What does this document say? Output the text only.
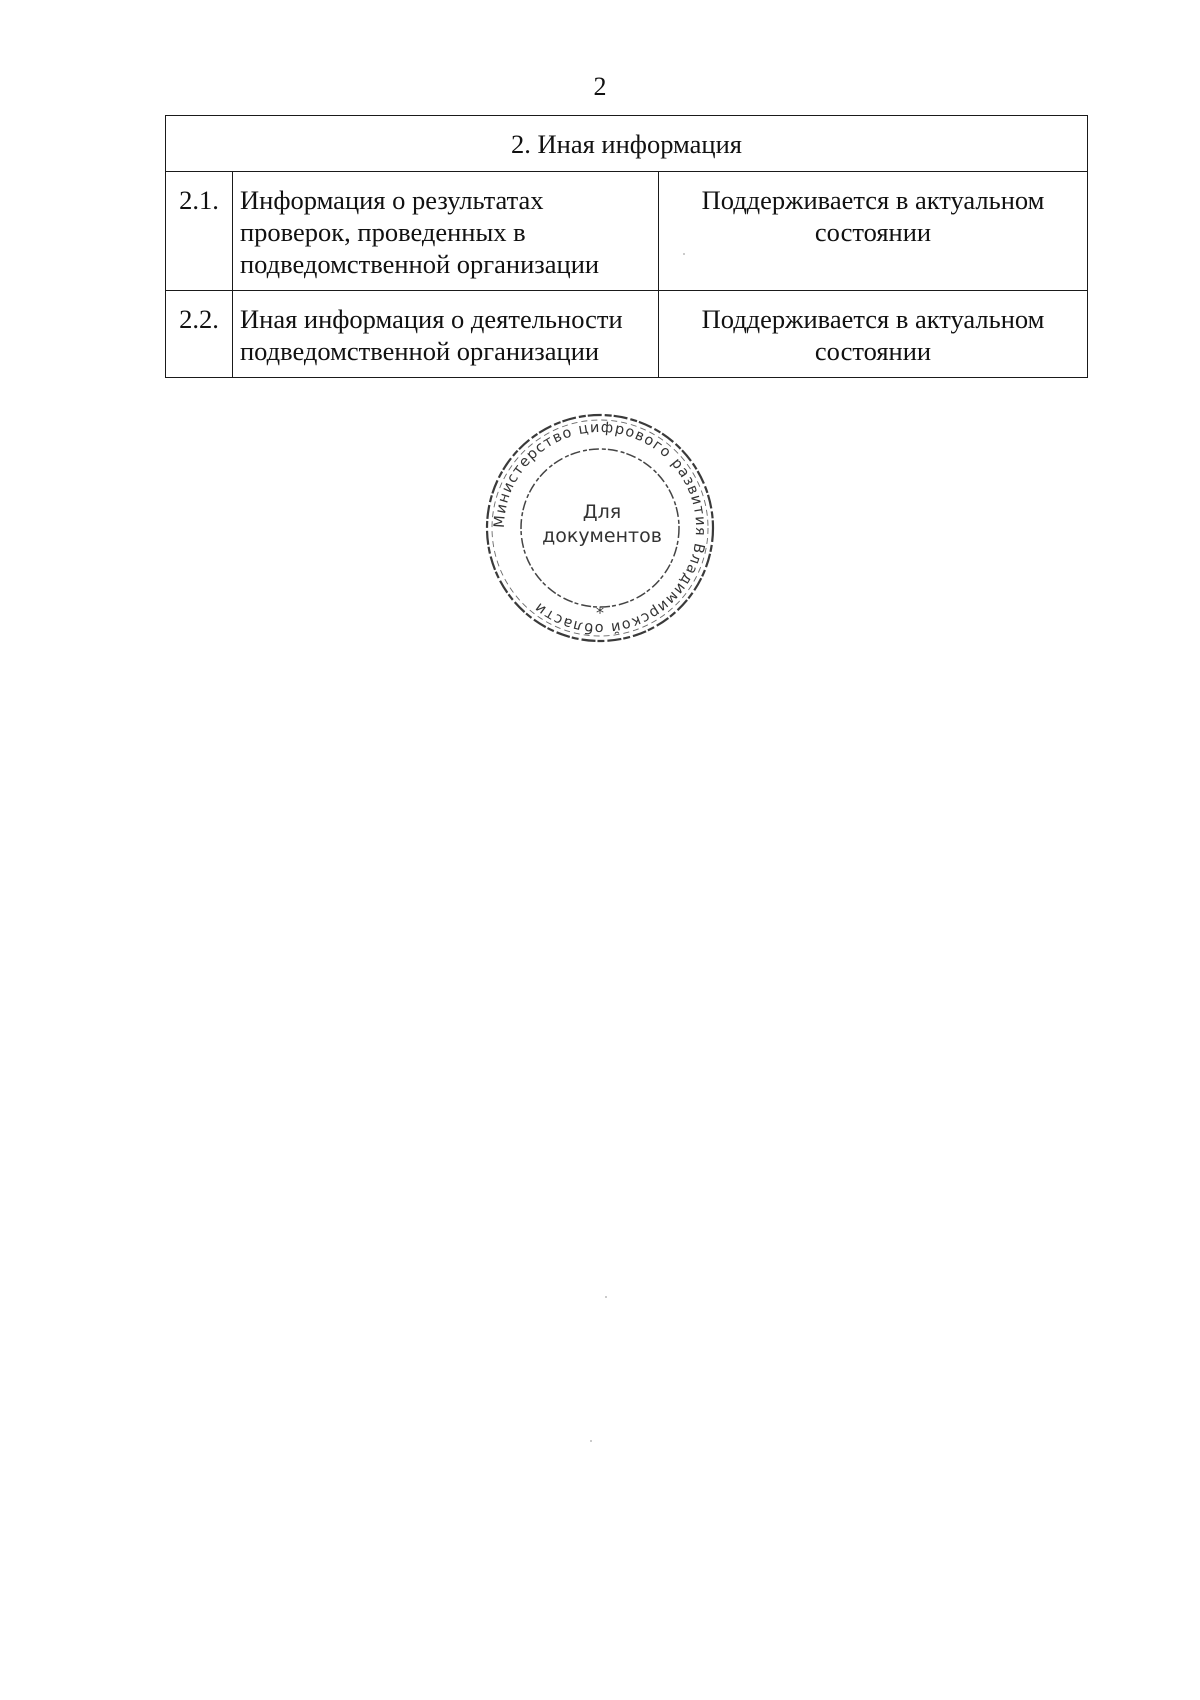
2
2. Иная информация		
2.1.	Информация о результатах проверок, проведенных в подведомственной организации	Поддерживается в актуальном состоянии
2.2.	Иная информация о деятельности подведомственной организации	Поддерживается в актуальном состоянии
Министерство цифрового развития Владимирской области	*
Для
документов
